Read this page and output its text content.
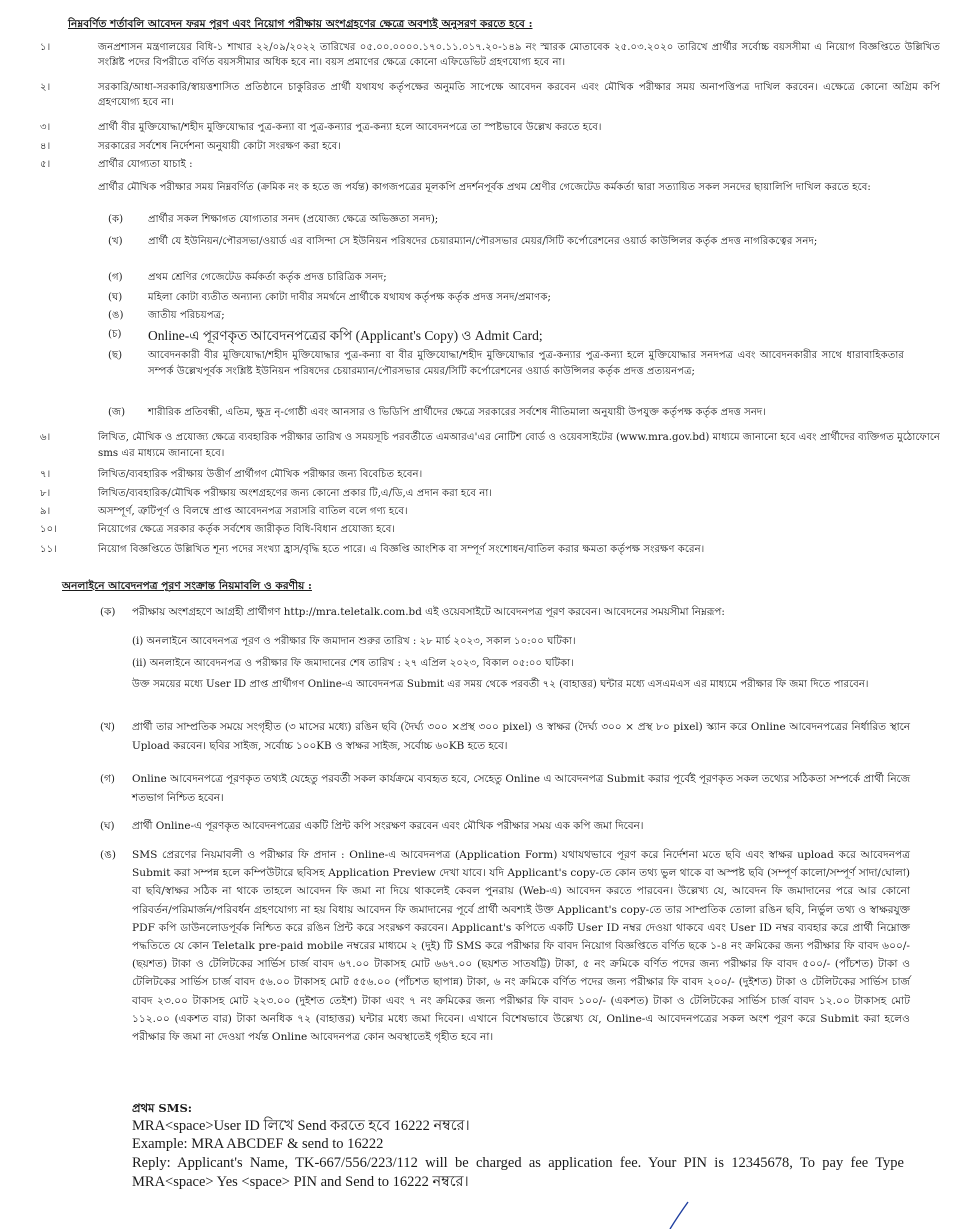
নিম্নবর্ণিত শর্তাবলি আবেদন ফরম পূরণ এবং নিয়োগ পরীক্ষায় অংশগ্রহণের ক্ষেত্রে অবশ্যই অনুসরণ করতে হবে :
১।	জনপ্রশাসন মন্ত্রণালয়ের বিধি-১ শাখার ২২/০৯/২০২২ তারিখের ০৫.০০.০০০০.১৭০.১১.০১৭.২০-১৪৯ নং স্মারক মোতাবেক ২৫.০৩.২০২০ তারিখে প্রার্থীর সর্বোচ্চ বয়সসীমা এ নিয়োগ বিজ্ঞপ্তিতে উল্লিখিত সংশ্লিষ্ট পদের বিপরীতে বর্ণিত বয়সসীমার অধিক হবে না। বয়স প্রমাণের ক্ষেত্রে কোনো এফিডেভিট গ্রহণযোগ্য হবে না।
২।	সরকারি/আধা-সরকারি/স্বায়ত্তশাসিত প্রতিষ্ঠানে চাকুরিরত প্রার্থী যথাযথ কর্তৃপক্ষের অনুমতি সাপেক্ষে আবেদন করবেন এবং মৌখিক পরীক্ষার সময় অনাপত্তিপত্র দাখিল করবেন। এক্ষেত্রে কোনো অগ্রিম কপি গ্রহণযোগ্য হবে না।
৩।	প্রার্থী বীর মুক্তিযোদ্ধা/শহীদ মুক্তিযোদ্ধার পুত্র-কন্যা বা পুত্র-কন্যার পুত্র-কন্যা হলে আবেদনপত্রে তা স্পষ্টভাবে উল্লেখ করতে হবে।
৪।	সরকারের সর্বশেষ নির্দেশনা অনুযায়ী কোটা সংরক্ষণ করা হবে।
৫।	প্রার্থীর যোগ্যতা যাচাই :
প্রার্থীর মৌখিক পরীক্ষার সময় নিম্নবর্ণিত (ক্রমিক নং ক হতে জ পর্যন্ত) কাগজপত্রের মূলকপি প্রদর্শনপূর্বক প্রথম শ্রেণীর গেজেটেড কর্মকর্তা দ্বারা সত্যায়িত সকল সনদের ছায়ালিপি দাখিল করতে হবে:
(ক)	প্রার্থীর সকল শিক্ষাগত যোগ্যতার সনদ (প্রযোজ্য ক্ষেত্রে অভিজ্ঞতা সনদ);
(খ)	প্রার্থী যে ইউনিয়ন/পৌরসভা/ওয়ার্ড এর বাসিন্দা সে ইউনিয়ন পরিষদের চেয়ারম্যান/পৌরসভার মেয়র/সিটি কর্পোরেশনের ওয়ার্ড কাউন্সিলর কর্তৃক প্রদত্ত নাগরিকত্বের সনদ;
(গ)	প্রথম শ্রেণির গেজেটেড কর্মকর্তা কর্তৃক প্রদত্ত চারিত্রিক সনদ;
(ঘ)	মহিলা কোটা ব্যতীত অন্যান্য কোটা দাবীর সমর্থনে প্রার্থীকে যথাযথ কর্তৃপক্ষ কর্তৃক প্রদত্ত সনদ/প্রমাণক;
(ঙ)	জাতীয় পরিচয়পত্র;
(চ)	Online-এ পূরণকৃত আবেদনপত্রের কপি (Applicant's Copy) ও Admit Card;
(ছ)	আবেদনকারী বীর মুক্তিযোদ্ধা/শহীদ মুক্তিযোদ্ধার পুত্র-কন্যা বা বীর মুক্তিযোদ্ধা/শহীদ মুক্তিযোদ্ধার পুত্র-কন্যার পুত্র-কন্যা হলে মুক্তিযোদ্ধার সনদপত্র এবং আবেদনকারীর সাথে ধারাবাহিকতার সম্পর্ক উল্লেখপূর্বক সংশ্লিষ্ট ইউনিয়ন পরিষদের চেয়ারম্যান/পৌরসভার মেয়র/সিটি কর্পোরেশনের ওয়ার্ড কাউন্সিলর কর্তৃক প্রদত্ত প্রত্যয়নপত্র;
(জ)	শারীরিক প্রতিবন্ধী, এতিম, ক্ষুদ্র নৃ-গোষ্ঠী এবং আনসার ও ভিডিপি প্রার্থীদের ক্ষেত্রে সরকারের সর্বশেষ নীতিমালা অনুযায়ী উপযুক্ত কর্তৃপক্ষ কর্তৃক প্রদত্ত সনদ।
৬।	লিখিত, মৌখিক ও প্রযোজ্য ক্ষেত্রে ব্যবহারিক পরীক্ষার তারিখ ও সময়সূচি পরবর্তীতে এমআরএ'এর নোটিশ বোর্ড ও ওয়েবসাইটের (www.mra.gov.bd) মাধ্যমে জানানো হবে এবং প্রার্থীদের ব্যক্তিগত মুঠোফোনে sms এর মাধ্যমে জানানো হবে।
৭।	লিখিত/ব্যবহারিক পরীক্ষায় উত্তীর্ণ প্রার্থীগণ মৌখিক পরীক্ষার জন্য বিবেচিত হবেন।
৮।	লিখিত/ব্যবহারিক/মৌখিক পরীক্ষায় অংশগ্রহণের জন্য কোনো প্রকার টি,এ/ডি,এ প্রদান করা হবে না।
৯।	অসম্পূর্ণ, ত্রুটিপূর্ণ ও বিলম্বে প্রাপ্ত আবেদনপত্র সরাসরি বাতিল বলে গণ্য হবে।
১০।	নিয়োগের ক্ষেত্রে সরকার কর্তৃক সর্বশেষ জারীকৃত বিধি-বিধান প্রযোজ্য হবে।
১১।	নিয়োগ বিজ্ঞপ্তিতে উল্লিখিত শূন্য পদের সংখ্যা হ্রাস/বৃদ্ধি হতে পারে। এ বিজ্ঞপ্তি আংশিক বা সম্পূর্ণ সংশোধন/বাতিল করার ক্ষমতা কর্তৃপক্ষ সংরক্ষণ করেন।
অনলাইনে আবেদনপত্র পূরণ সংক্রান্ত নিয়মাবলি ও করণীয় :
(ক)	পরীক্ষায় অংশগ্রহণে আগ্রহী প্রার্থীগণ http://mra.teletalk.com.bd এই ওয়েবসাইটে আবেদনপত্র পূরণ করবেন। আবেদনের সময়সীমা নিম্নরূপ:
(i) অনলাইনে আবেদনপত্র পূরণ ও পরীক্ষার ফি জমাদান শুরুর তারিখ : ২৮ মার্চ ২০২৩, সকাল ১০:০০ ঘটিকা।
(ii) অনলাইনে আবেদনপত্র ও পরীক্ষার ফি জমাদানের শেষ তারিখ : ২৭ এপ্রিল ২০২৩, বিকাল ০৫:০০ ঘটিকা।
উক্ত সময়ের মধ্যে User ID প্রাপ্ত প্রার্থীগণ Online-এ আবেদনপত্র Submit এর সময় থেকে পরবর্তী ৭২ (বাহাত্তর) ঘন্টার মধ্যে এসএমএস এর মাধ্যমে পরীক্ষার ফি জমা দিতে পারবেন।
(খ)	প্রার্থী তার সাম্প্রতিক সময়ে সংগৃহীত (৩ মাসের মধ্যে) রঙিন ছবি (দৈর্ঘ্য ৩০০ ×প্রস্থ ৩০০ pixel) ও স্বাক্ষর (দৈর্ঘ্য ৩০০ × প্রস্থ ৮০ pixel) স্ক্যান করে Online আবেদনপত্রের নির্ধারিত স্থানে Upload করবেন। ছবির সাইজ, সর্বোচ্চ ১০০KB ও স্বাক্ষর সাইজ, সর্বোচ্চ ৬০KB হতে হবে।
(গ)	Online আবেদনপত্রে পূরণকৃত তথ্যই যেহেতু পরবর্তী সকল কার্যক্রমে ব্যবহৃত হবে, সেহেতু Online এ আবেদনপত্র Submit করার পূর্বেই পূরণকৃত সকল তথ্যের সঠিকতা সম্পর্কে প্রার্থী নিজে শতভাগ নিশ্চিত হবেন।
(ঘ)	প্রার্থী Online-এ পূরণকৃত আবেদনপত্রের একটি প্রিন্ট কপি সংরক্ষণ করবেন এবং মৌখিক পরীক্ষার সময় এক কপি জমা দিবেন।
(ঙ)	SMS প্রেরণের নিয়মাবলী ও পরীক্ষার ফি প্রদান : Online-এ আবেদনপত্র (Application Form) যথাযথভাবে পূরণ করে নির্দেশনা মতে ছবি এবং স্বাক্ষর upload করে আবেদনপত্র Submit করা সম্পন্ন হলে কম্পিউটারে ছবিসহ Application Preview দেখা যাবে। যদি Applicant's copy-তে কোন তথ্য ভুল থাকে বা অস্পষ্ট ছবি (সম্পূর্ণ কালো/সম্পূর্ণ সাদা/ঘোলা) বা ছবি/স্বাক্ষর সঠিক না থাকে তাহলে আবেদন ফি জমা না দিয়ে থাকলেই কেবল পুনরায় (Web-এ) আবেদন করতে পারবেন। উল্লেখ্য যে, আবেদন ফি জমাদানের পরে আর কোনো পরিবর্তন/পরিমার্জন/পরিবর্ধন গ্রহণযোগ্য না হয় বিধায় আবেদন ফি জমাদানের পূর্বে প্রার্থী অবশ্যই উক্ত Applicant's copy-তে তার সাম্প্রতিক তোলা রঙিন ছবি, নির্ভুল তথ্য ও স্বাক্ষরযুক্ত PDF কপি ডাউনলোডপূর্বক নিশ্চিত করে রঙিন প্রিন্ট করে সংরক্ষণ করবেন। Applicant's কপিতে একটি User ID নম্বর দেওয়া থাকবে এবং User ID নম্বর ব্যবহার করে প্রার্থী নিম্নোক্ত পদ্ধতিতে যে কোন Teletalk pre-paid mobile নম্বরের মাধ্যমে ২ (দুই) টি SMS করে পরীক্ষার ফি বাবদ নিয়োগ বিজ্ঞপ্তিতে বর্ণিত ছকে ১-৪ নং ক্রমিকের জন্য পরীক্ষার ফি বাবদ ৬০০/- (ছয়শত) টাকা ও টেলিটকের সার্ভিস চার্জ বাবদ ৬৭.০০ টাকাসহ মোট ৬৬৭.০০ (ছয়শত সাতষট্টি) টাকা, ৫ নং ক্রমিকে বর্ণিত পদের জন্য পরীক্ষার ফি বাবদ ৫০০/- (পাঁচশত) টাকা ও টেলিটকের সার্ভিস চার্জ বাবদ ৫৬.০০ টাকাসহ মোট ৫৫৬.০০ (পাঁচশত ছাপান্ন) টাকা, ৬ নং ক্রমিকে বর্ণিত পদের জন্য পরীক্ষার ফি বাবদ ২০০/- (দুইশত) টাকা ও টেলিটকের সার্ভিস চার্জ বাবদ ২৩.০০ টাকাসহ মোট ২২৩.০০ (দুইশত তেইশ) টাকা এবং ৭ নং ক্রমিকের জন্য পরীক্ষার ফি বাবদ ১০০/- (একশত) টাকা ও টেলিটকের সার্ভিস চার্জ বাবদ ১২.০০ টাকাসহ মোট ১১২.০০ (একশত বার) টাকা অনধিক ৭২ (বাহাত্তর) ঘন্টার মধ্যে জমা দিবেন। এখানে বিশেষভাবে উল্লেখ্য যে, Online-এ আবেদনপত্রের সকল অংশ পূরণ করে Submit করা হলেও পরীক্ষার ফি জমা না দেওয়া পর্যন্ত Online আবেদনপত্র কোন অবস্থাতেই গৃহীত হবে না।
প্রথম SMS:
MRA<space>User ID লিখে Send করতে হবে 16222 নম্বরে।
Example: MRA ABCDEF & send to 16222
Reply: Applicant's Name, TK-667/556/223/112 will be charged as application fee. Your PIN is 12345678, To pay fee Type MRA<space> Yes <space> PIN and Send to 16222 নম্বরে।
